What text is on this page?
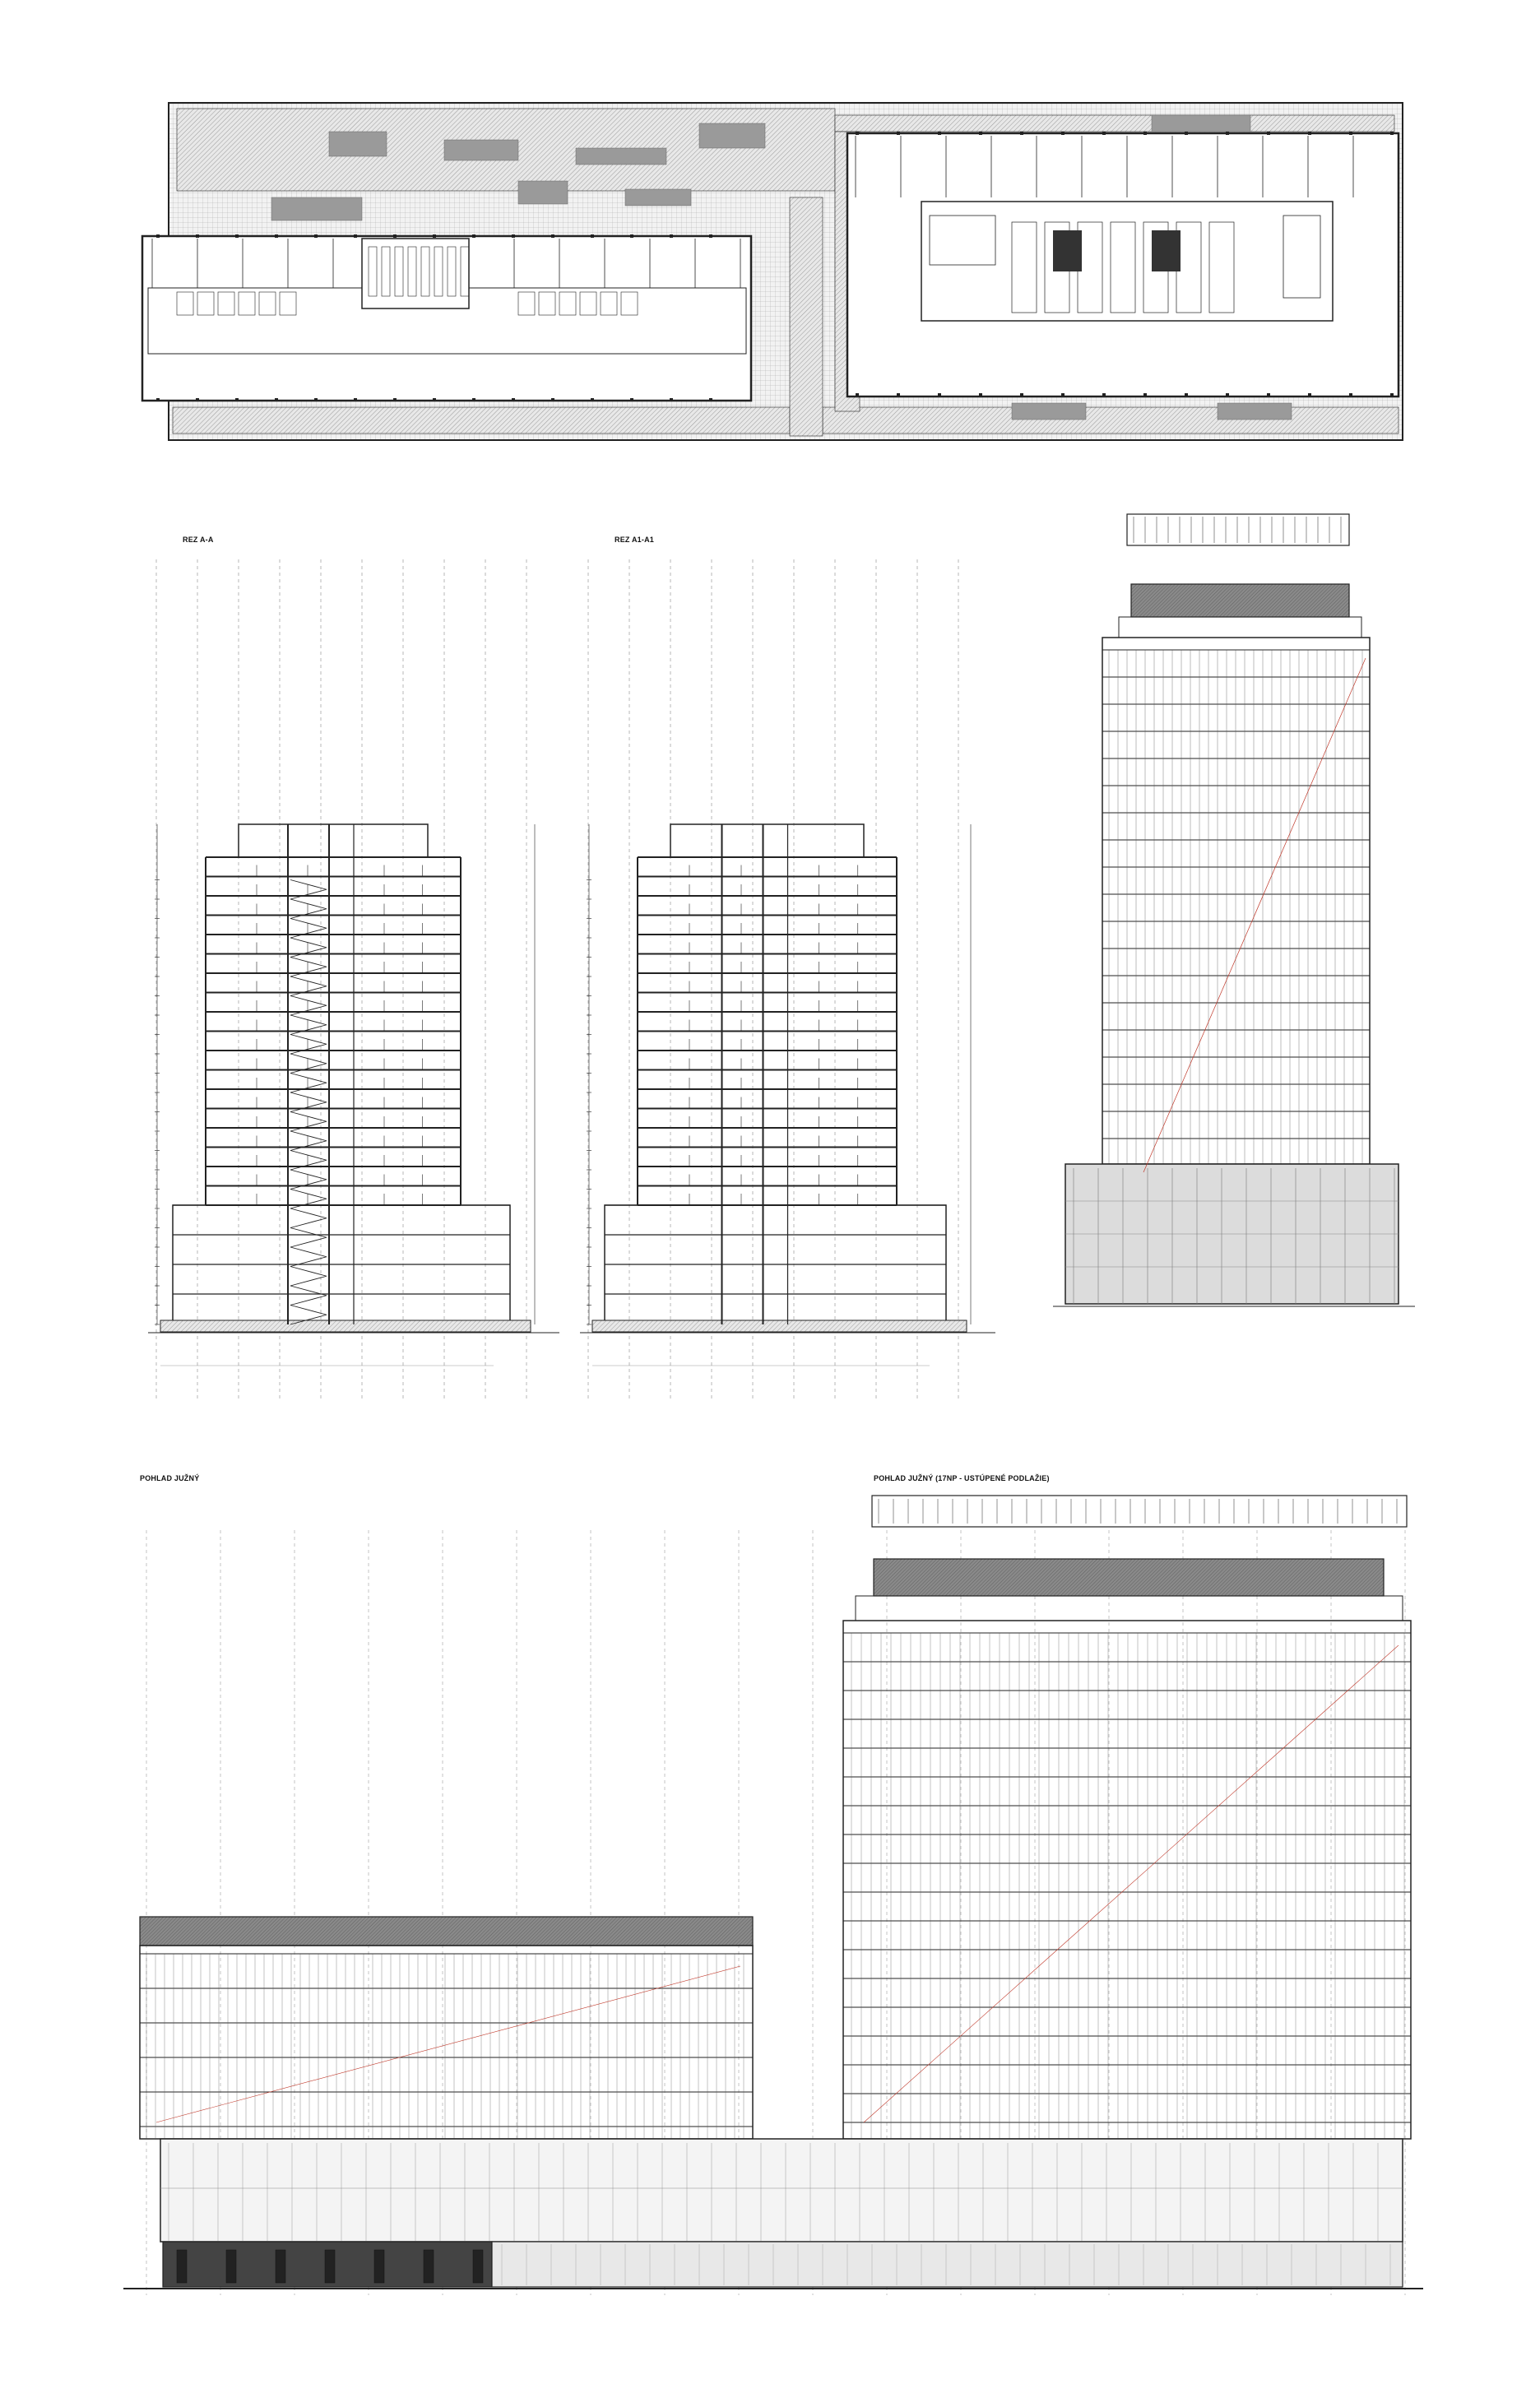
REZ A-A	REZ A1-A1
POHLAD JUŽNÝ	POHLAD JUŽNÝ (17NP - USTÚPENÉ PODLAŽIE)
